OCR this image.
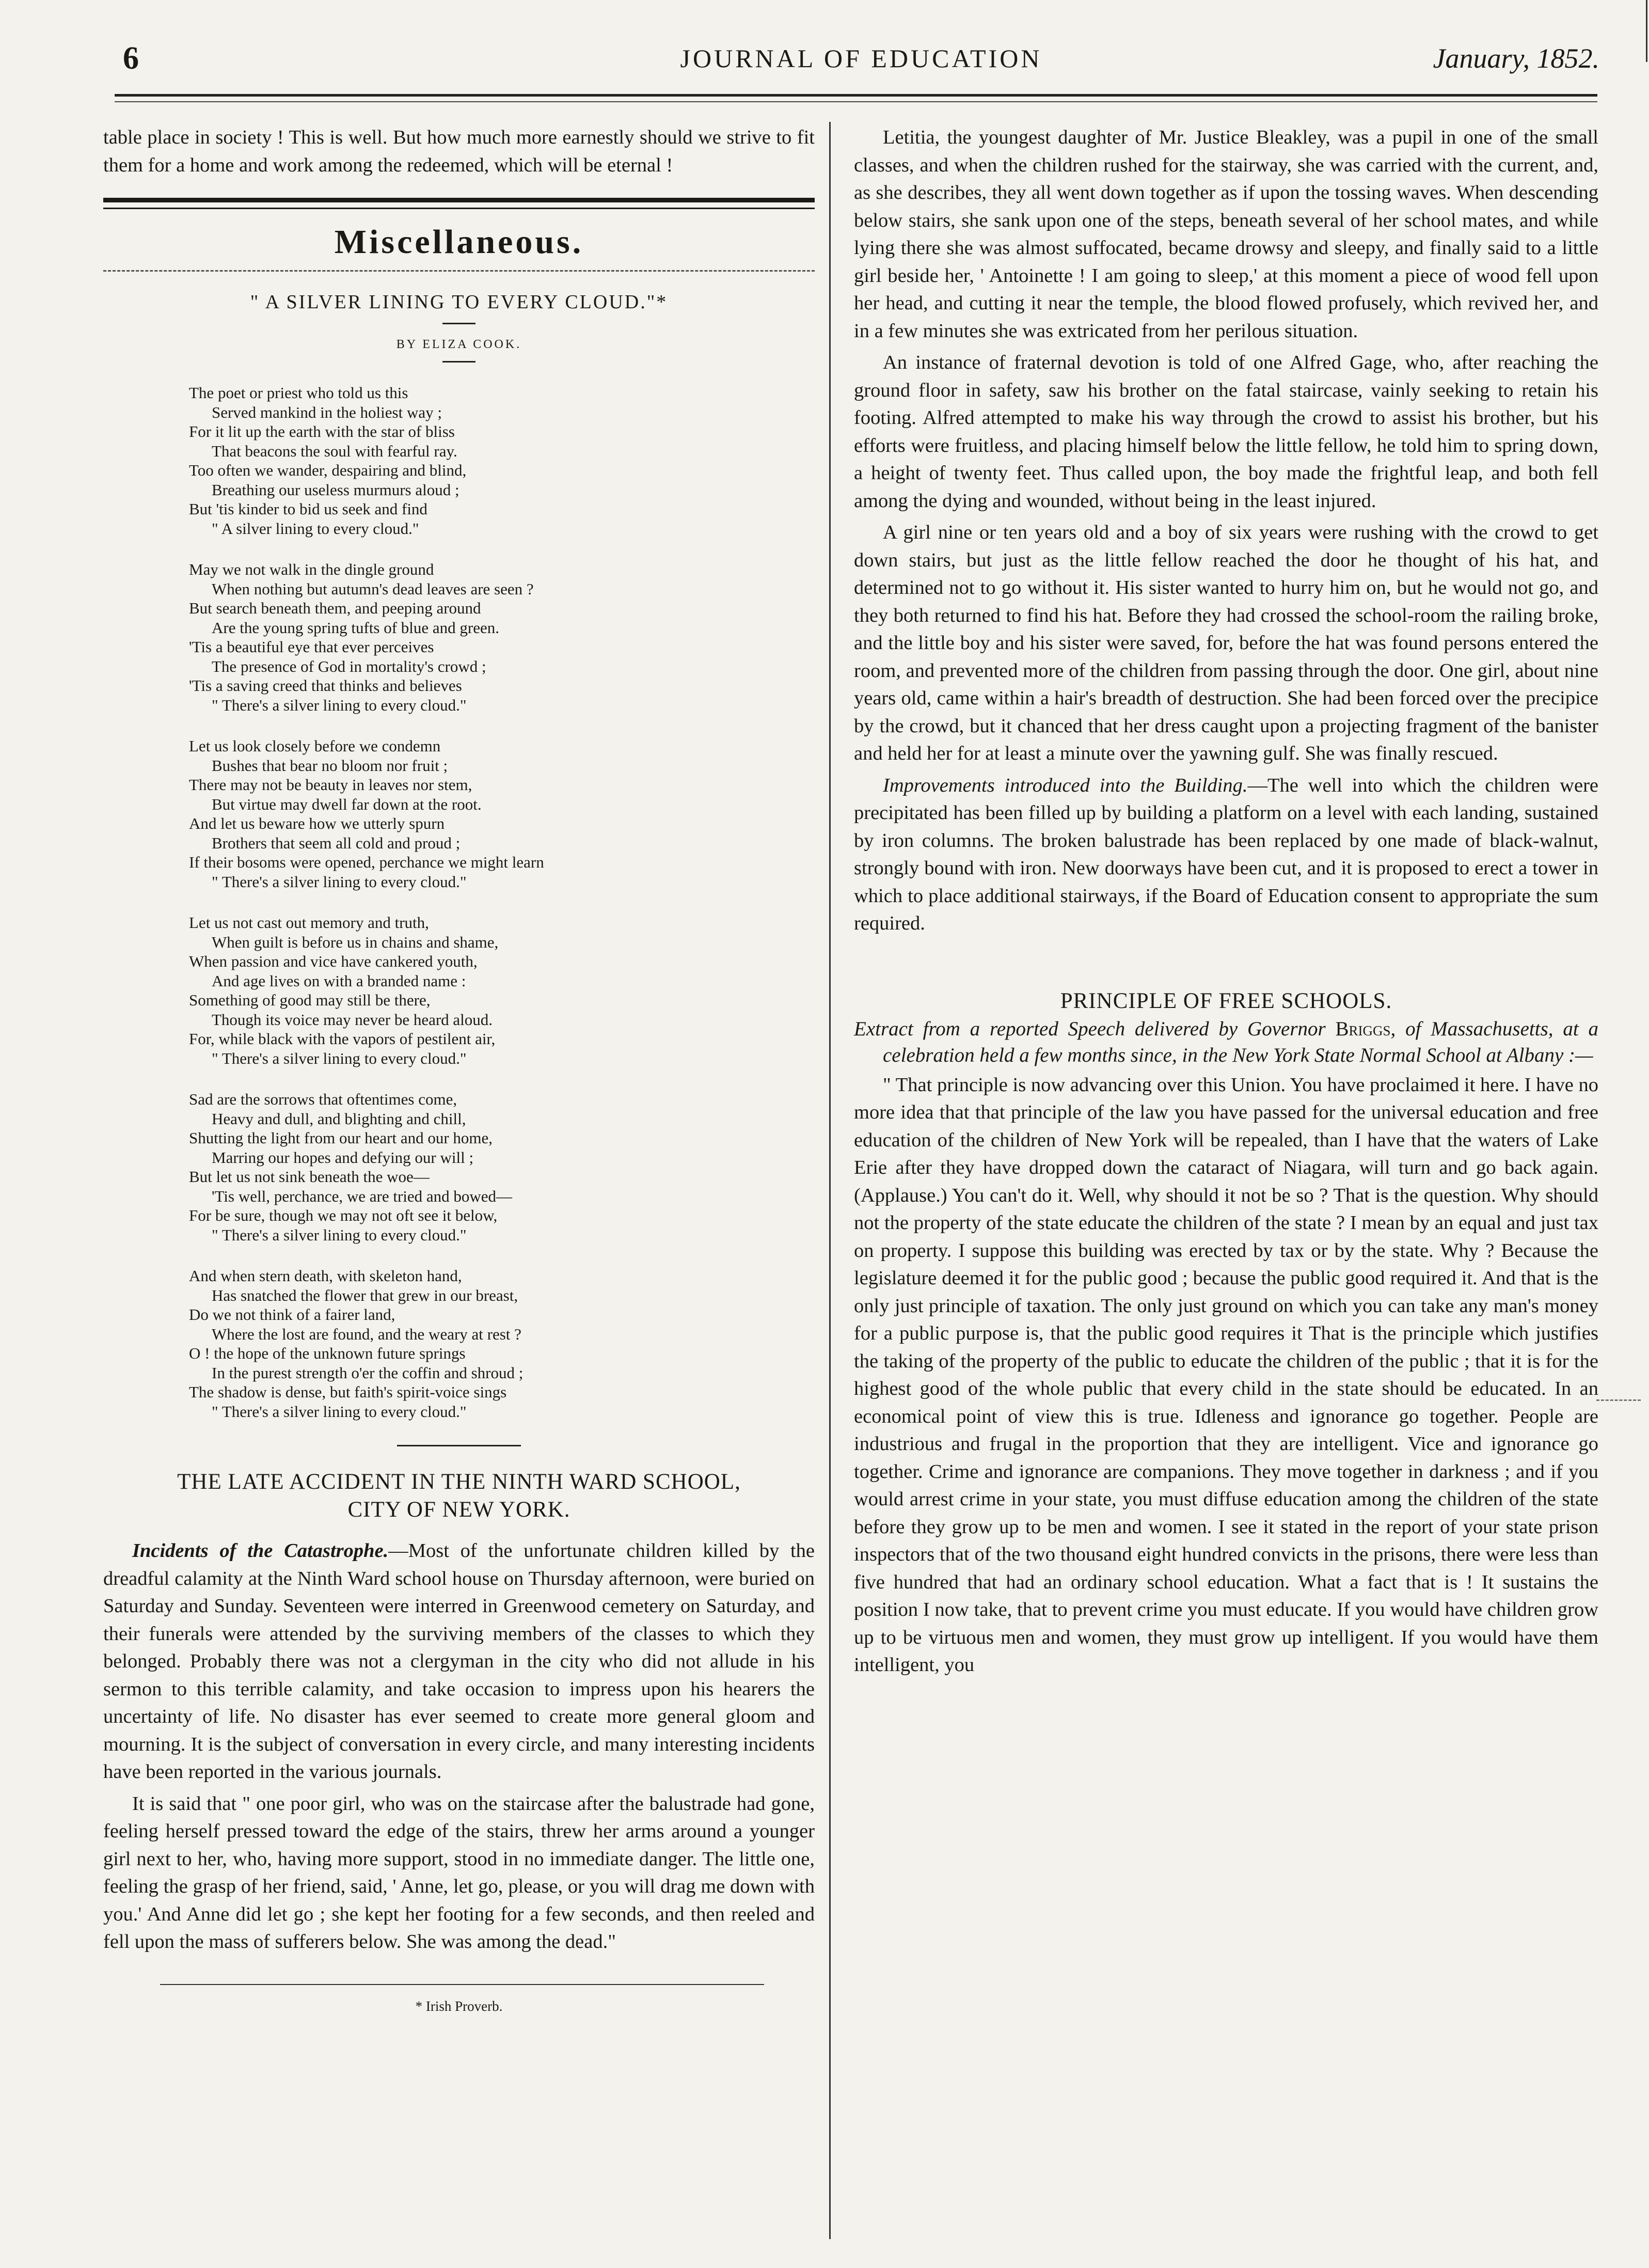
6	JOURNAL OF EDUCATION	January, 1852.

table place in society ! This is well. But how much more earnestly should we strive to fit them for a home and work among the redeemed, which will be eternal !

Miscellaneous.
" A SILVER LINING TO EVERY CLOUD."*
BY ELIZA COOK.
The poet or priest who told us this
Served mankind in the holiest way ;
For it lit up the earth with the star of bliss
That beacons the soul with fearful ray.
Too often we wander, despairing and blind,
Breathing our useless murmurs aloud ;
But 'tis kinder to bid us seek and find
" A silver lining to every cloud."
May we not walk in the dingle ground
When nothing but autumn's dead leaves are seen ?
But search beneath them, and peeping around
Are the young spring tufts of blue and green.
'Tis a beautiful eye that ever perceives
The presence of God in mortality's crowd ;
'Tis a saving creed that thinks and believes
" There's a silver lining to every cloud."
Let us look closely before we condemn
Bushes that bear no bloom nor fruit ;
There may not be beauty in leaves nor stem,
But virtue may dwell far down at the root.
And let us beware how we utterly spurn
Brothers that seem all cold and proud ;
If their bosoms were opened, perchance we might learn
" There's a silver lining to every cloud."
Let us not cast out memory and truth,
When guilt is before us in chains and shame,
When passion and vice have cankered youth,
And age lives on with a branded name :
Something of good may still be there,
Though its voice may never be heard aloud.
For, while black with the vapors of pestilent air,
" There's a silver lining to every cloud."
Sad are the sorrows that oftentimes come,
Heavy and dull, and blighting and chill,
Shutting the light from our heart and our home,
Marring our hopes and defying our will ;
But let us not sink beneath the woe—
'Tis well, perchance, we are tried and bowed—
For be sure, though we may not oft see it below,
" There's a silver lining to every cloud."
And when stern death, with skeleton hand,
Has snatched the flower that grew in our breast,
Do we not think of a fairer land,
Where the lost are found, and the weary at rest ?
O ! the hope of the unknown future springs
In the purest strength o'er the coffin and shroud ;
The shadow is dense, but faith's spirit-voice sings
" There's a silver lining to every cloud."
THE LATE ACCIDENT IN THE NINTH WARD SCHOOL,
CITY OF NEW YORK.

Incidents of the Catastrophe.—Most of the unfortunate children killed by the dreadful calamity at the Ninth Ward school house on Thursday afternoon, were buried on Saturday and Sunday. Seventeen were interred in Greenwood cemetery on Saturday, and their funerals were attended by the surviving members of the classes to which they belonged. Probably there was not a clergyman in the city who did not allude in his sermon to this terrible calamity, and take occasion to impress upon his hearers the uncertainty of life. No disaster has ever seemed to create more general gloom and mourning. It is the subject of conversation in every circle, and many interesting incidents have been reported in the various journals.

It is said that " one poor girl, who was on the staircase after the balustrade had gone, feeling herself pressed toward the edge of the stairs, threw her arms around a younger girl next to her, who, having more support, stood in no immediate danger. The little one, feeling the grasp of her friend, said, ' Anne, let go, please, or you will drag me down with you.' And Anne did let go ; she kept her footing for a few seconds, and then reeled and fell upon the mass of sufferers below. She was among the dead."

* Irish Proverb.

Letitia, the youngest daughter of Mr. Justice Bleakley, was a pupil in one of the small classes, and when the children rushed for the stairway, she was carried with the current, and, as she describes, they all went down together as if upon the tossing waves. When descending below stairs, she sank upon one of the steps, beneath several of her school mates, and while lying there she was almost suffocated, became drowsy and sleepy, and finally said to a little girl beside her, ' Antoinette ! I am going to sleep,' at this moment a piece of wood fell upon her head, and cutting it near the temple, the blood flowed profusely, which revived her, and in a few minutes she was extricated from her perilous situation.

An instance of fraternal devotion is told of one Alfred Gage, who, after reaching the ground floor in safety, saw his brother on the fatal staircase, vainly seeking to retain his footing. Alfred attempted to make his way through the crowd to assist his brother, but his efforts were fruitless, and placing himself below the little fellow, he told him to spring down, a height of twenty feet. Thus called upon, the boy made the frightful leap, and both fell among the dying and wounded, without being in the least injured.

A girl nine or ten years old and a boy of six years were rushing with the crowd to get down stairs, but just as the little fellow reached the door he thought of his hat, and determined not to go without it. His sister wanted to hurry him on, but he would not go, and they both returned to find his hat. Before they had crossed the school-room the railing broke, and the little boy and his sister were saved, for, before the hat was found persons entered the room, and prevented more of the children from passing through the door. One girl, about nine years old, came within a hair's breadth of destruction. She had been forced over the precipice by the crowd, but it chanced that her dress caught upon a projecting fragment of the banister and held her for at least a minute over the yawning gulf. She was finally rescued.

Improvements introduced into the Building.—The well into which the children were precipitated has been filled up by building a platform on a level with each landing, sustained by iron columns. The broken balustrade has been replaced by one made of black-walnut, strongly bound with iron. New doorways have been cut, and it is proposed to erect a tower in which to place additional stairways, if the Board of Education consent to appropriate the sum required.

PRINCIPLE OF FREE SCHOOLS.
Extract from a reported Speech delivered by Governor Briggs, of Massachusetts, at a celebration held a few months since, in the New York State Normal School at Albany :—

" That principle is now advancing over this Union. You have proclaimed it here. I have no more idea that that principle of the law you have passed for the universal education and free education of the children of New York will be repealed, than I have that the waters of Lake Erie after they have dropped down the cataract of Niagara, will turn and go back again. (Applause.) You can't do it. Well, why should it not be so ? That is the question. Why should not the property of the state educate the children of the state ? I mean by an equal and just tax on property. I suppose this building was erected by tax or by the state. Why ? Because the legislature deemed it for the public good ; because the public good required it. And that is the only just principle of taxation. The only just ground on which you can take any man's money for a public purpose is, that the public good requires it That is the principle which justifies the taking of the property of the public to educate the children of the public ; that it is for the highest good of the whole public that every child in the state should be educated. In an economical point of view this is true. Idleness and ignorance go together. People are industrious and frugal in the proportion that they are intelligent. Vice and ignorance go together. Crime and ignorance are companions. They move together in darkness ; and if you would arrest crime in your state, you must diffuse education among the children of the state before they grow up to be men and women. I see it stated in the report of your state prison inspectors that of the two thousand eight hundred convicts in the prisons, there were less than five hundred that had an ordinary school education. What a fact that is ! It sustains the position I now take, that to prevent crime you must educate. If you would have children grow up to be virtuous men and women, they must grow up intelligent. If you would have them intelligent, you
